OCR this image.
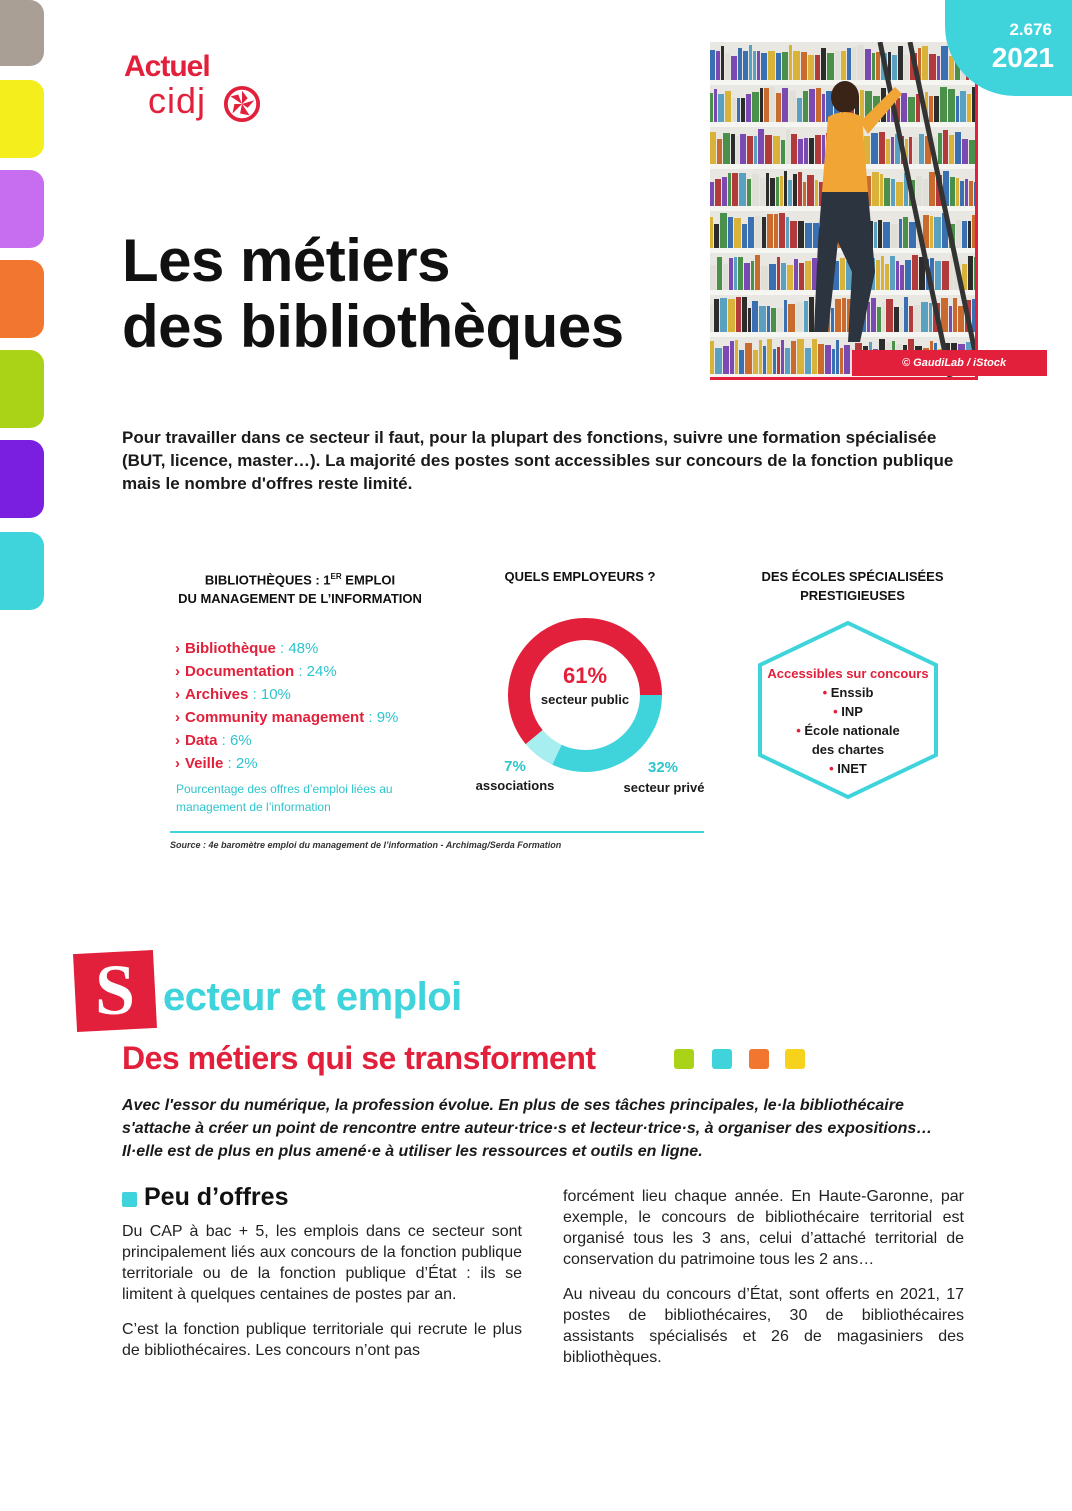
Actuel
cidj
© GaudiLab / iStock
2.676
2021
Les métiers
des bibliothèques
Pour travailler dans ce secteur il faut, pour la plupart des fonctions, suivre une formation spécialisée (BUT, licence, master…). La majorité des postes sont accessibles sur concours de la fonction publique mais le nombre d'offres reste limité.
BIBLIOTHÈQUES : 1ER EMPLOI
DU MANAGEMENT DE L’INFORMATION
› Bibliothèque : 48%
› Documentation : 24%
› Archives : 10%
› Community management : 9%
› Data : 6%
› Veille : 2%
Pourcentage des offres d’emploi liées au management de l’information
QUELS EMPLOYEURS ?
61%
secteur public
7%
associations
32%
secteur privé
DES ÉCOLES SPÉCIALISÉES
PRESTIGIEUSES
Accessibles sur concours
• Enssib
• INP
• École nationale des chartes
• INET
Source : 4e baromètre emploi du management de l’information - Archimag/Serda Formation
S ecteur et emploi
Des métiers qui se transforment
Avec l'essor du numérique, la profession évolue. En plus de ses tâches principales, le·la bibliothécaire s'attache à créer un point de rencontre entre auteur·trice·s et lecteur·trice·s, à organiser des expositions… Il·elle est de plus en plus amené·e à utiliser les ressources et outils en ligne.
Peu d’offres

Du CAP à bac + 5, les emplois dans ce secteur sont principalement liés aux concours de la fonction publique territoriale ou de la fonction publique d’État : ils se limitent à quelques centaines de postes par an.

C’est la fonction publique territoriale qui recrute le plus de bibliothécaires. Les concours n’ont pas

forcément lieu chaque année. En Haute-Garonne, par exemple, le concours de bibliothécaire territorial est organisé tous les 3 ans, celui d’attaché territorial de conservation du patrimoine tous les 2 ans…

Au niveau du concours d’État, sont offerts en 2021, 17 postes de bibliothécaires, 30 de bibliothécaires assistants spécialisés et 26 de magasiniers des bibliothèques.
